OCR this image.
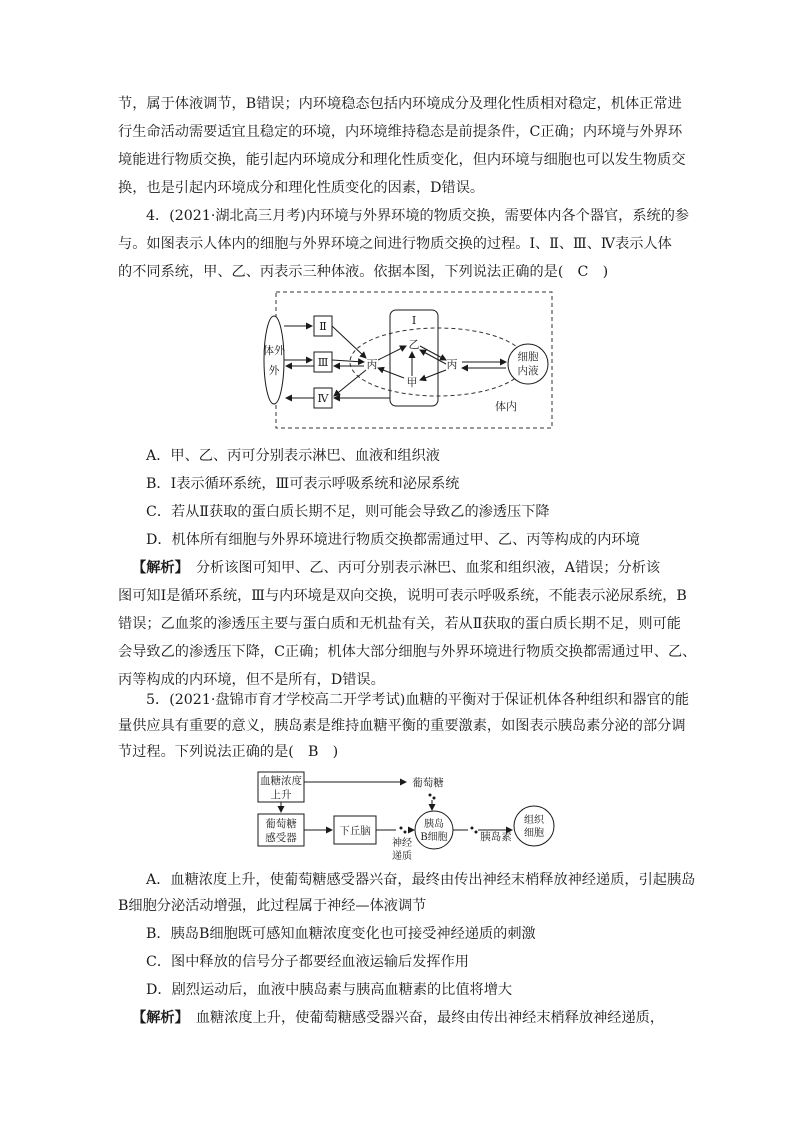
节，属于体液调节，B错误；内环境稳态包括内环境成分及理化性质相对稳定，机体正常进
行生命活动需要适宜且稳定的环境，内环境维持稳态是前提条件，C正确；内环境与外界环
境能进行物质交换，能引起内环境成分和理化性质变化，但内环境与细胞也可以发生物质交
换，也是引起内环境成分和理化性质变化的因素，D错误。
4．(2021·湖北高三月考)内环境与外界环境的物质交换，需要体内各个器官，系统的参
与。如图表示人体内的细胞与外界环境之间进行物质交换的过程。Ⅰ、Ⅱ、Ⅲ、Ⅳ表示人体
的不同系统，甲、乙、丙表示三种体液。依据本图，下列说法正确的是(　C　)
体外
外
Ⅱ
Ⅲ
Ⅳ
Ⅰ
乙
丙	丙
甲
细胞
内液
体内
A．甲、乙、丙可分别表示淋巴、血液和组织液
B．Ⅰ表示循环系统，Ⅲ可表示呼吸系统和泌尿系统
C．若从Ⅱ获取的蛋白质长期不足，则可能会导致乙的渗透压下降
D．机体所有细胞与外界环境进行物质交换都需通过甲、乙、丙等构成的内环境
【解析】　 分析该图可知甲、乙、丙可分别表示淋巴、血浆和组织液，A错误；分析该
图可知Ⅰ是循环系统，Ⅲ与内环境是双向交换，说明可表示呼吸系统，不能表示泌尿系统，B
错误；乙血浆的渗透压主要与蛋白质和无机盐有关，若从Ⅱ获取的蛋白质长期不足，则可能
会导致乙的渗透压下降，C正确；机体大部分细胞与外界环境进行物质交换都需通过甲、乙、
丙等构成的内环境，但不是所有，D错误。
5．(2021·盘锦市育才学校高二开学考试)血糖的平衡对于保证机体各种组织和器官的能
量供应具有重要的意义，胰岛素是维持血糖平衡的重要激素，如图表示胰岛素分泌的部分调
节过程。下列说法正确的是(　B　)
血糖浓度
上升
葡萄糖
葡萄糖
感受器
下丘脑
神经
递质
胰岛
B细胞	胰岛素
组织
细胞
A．血糖浓度上升，使葡萄糖感受器兴奋，最终由传出神经末梢释放神经递质，引起胰岛
B细胞分泌活动增强，此过程属于神经—体液调节
B．胰岛B细胞既可感知血糖浓度变化也可接受神经递质的刺激
C．图中释放的信号分子都要经血液运输后发挥作用
D．剧烈运动后，血液中胰岛素与胰高血糖素的比值将增大
【解析】　 血糖浓度上升，使葡萄糖感受器兴奋，最终由传出神经末梢释放神经递质，
